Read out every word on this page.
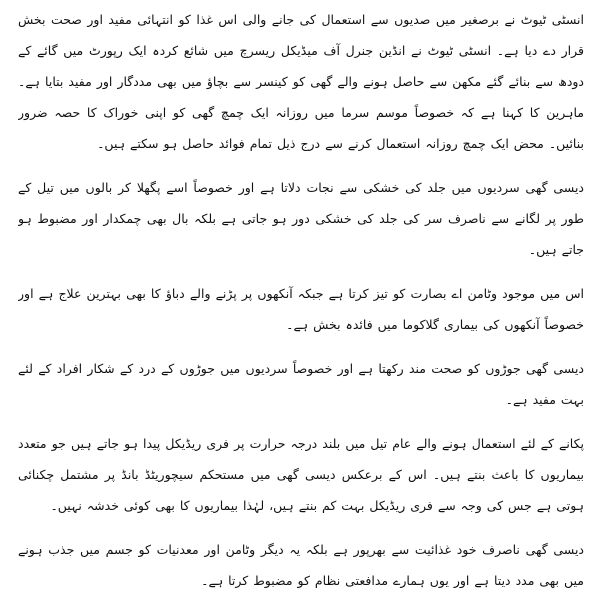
انسٹی ٹیوٹ نے برصغیر میں صدیوں سے استعمال کی جانے والی اس غذا کو انتہائی مفید اور صحت بخش قرار دے دیا ہے۔ انسٹی ٹیوٹ نے انڈین جنرل آف میڈیکل ریسرچ میں شائع کردہ ایک رپورٹ میں گائے کے دودھ سے بنائے گئے مکھن سے حاصل ہونے والے گھی کو کینسر سے بچاؤ میں بھی مددگار اور مفید بتایا ہے۔ ماہرین کا کہنا ہے کہ خصوصاً موسم سرما میں روزانہ ایک چمچ گھی کو اپنی خوراک کا حصہ ضرور بنائیں۔ محض ایک چمچ روزانہ استعمال کرنے سے درج ذیل تمام فوائد حاصل ہو سکتے ہیں۔

دیسی گھی سردیوں میں جلد کی خشکی سے نجات دلاتا ہے اور خصوصاً اسے پگھلا کر بالوں میں تیل کے طور پر لگانے سے ناصرف سر کی جلد کی خشکی دور ہو جاتی ہے بلکہ بال بھی چمکدار اور مضبوط ہو جاتے ہیں۔

اس میں موجود وٹامن اے بصارت کو تیز کرتا ہے جبکہ آنکھوں پر پڑنے والے دباؤ کا بھی بہترین علاج ہے اور خصوصاً آنکھوں کی بیماری گلاکوما میں فائدہ بخش ہے۔

دیسی گھی جوڑوں کو صحت مند رکھتا ہے اور خصوصاً سردیوں میں جوڑوں کے درد کے شکار افراد کے لئے بہت مفید ہے۔

پکانے کے لئے استعمال ہونے والے عام تیل میں بلند درجہ حرارت پر فری ریڈیکل پیدا ہو جاتے ہیں جو متعدد بیماریوں کا باعث بنتے ہیں۔ اس کے برعکس دیسی گھی میں مستحکم سیچوریٹڈ بانڈ پر مشتمل چکنائی ہوتی ہے جس کی وجہ سے فری ریڈیکل بہت کم بنتے ہیں، لہٰذا بیماریوں کا بھی کوئی خدشہ نہیں۔

دیسی گھی ناصرف خود غذائیت سے بھرپور ہے بلکہ یہ دیگر وٹامن اور معدنیات کو جسم میں جذب ہونے میں بھی مدد دیتا ہے اور یوں ہمارے مدافعتی نظام کو مضبوط کرتا ہے۔
